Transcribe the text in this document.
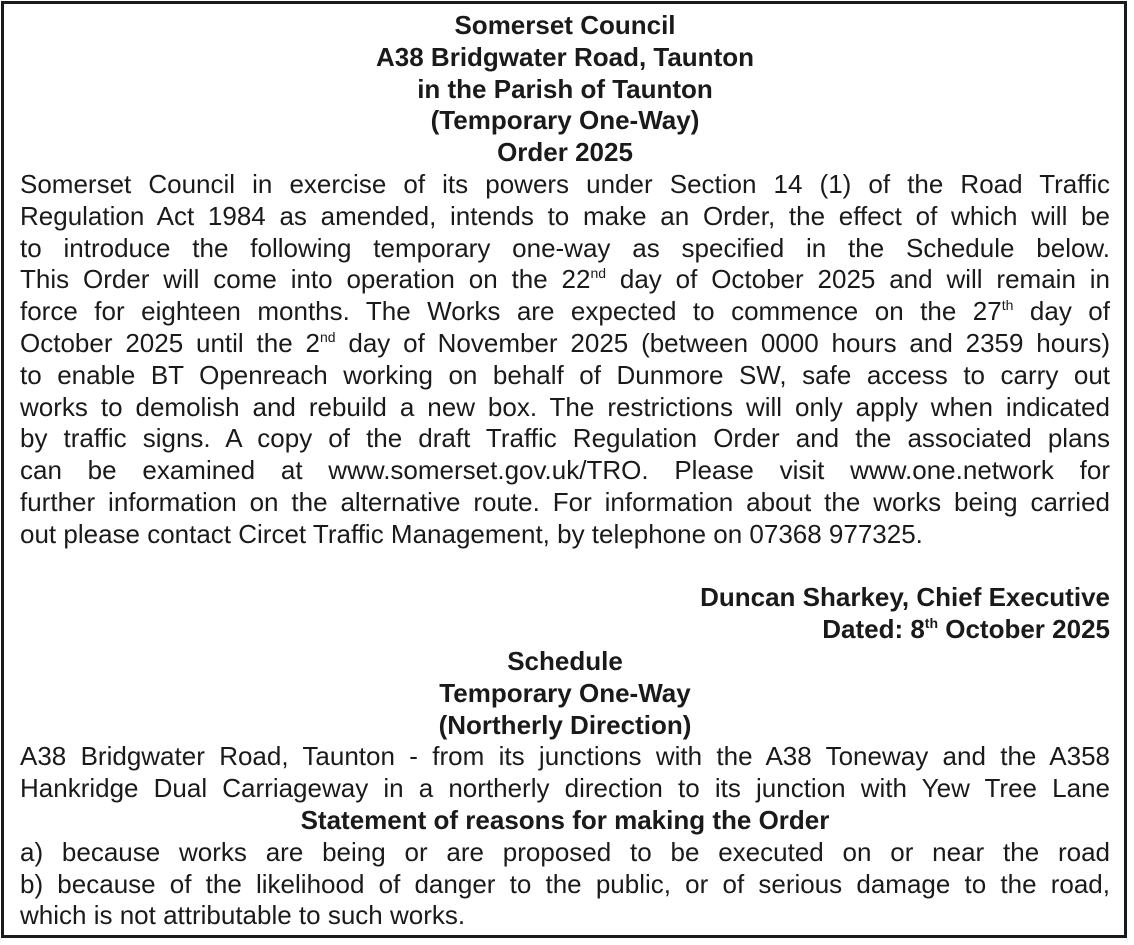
Somerset Council
A38 Bridgwater Road, Taunton
in the Parish of Taunton
(Temporary One-Way)
Order 2025
Somerset Council in exercise of its powers under Section 14 (1) of the Road Traffic
Regulation Act 1984 as amended, intends to make an Order, the effect of which will be
to introduce the following temporary one-way as specified in the Schedule below.
This Order will come into operation on the 22nd day of October 2025 and will remain in
force for eighteen months. The Works are expected to commence on the 27th day of
October 2025 until the 2nd day of November 2025 (between 0000 hours and 2359 hours)
to enable BT Openreach working on behalf of Dunmore SW, safe access to carry out
works to demolish and rebuild a new box. The restrictions will only apply when indicated
by traffic signs. A copy of the draft Traffic Regulation Order and the associated plans
can be examined at www.somerset.gov.uk/TRO. Please visit www.one.network for
further information on the alternative route. For information about the works being carried
out please contact Circet Traffic Management, by telephone on 07368 977325.
Duncan Sharkey, Chief Executive
Dated: 8th October 2025
Schedule
Temporary One-Way
(Northerly Direction)
A38 Bridgwater Road, Taunton - from its junctions with the A38 Toneway and the A358
Hankridge Dual Carriageway in a northerly direction to its junction with Yew Tree Lane
Statement of reasons for making the Order
a) because works are being or are proposed to be executed on or near the road
b) because of the likelihood of danger to the public, or of serious damage to the road,
which is not attributable to such works.
